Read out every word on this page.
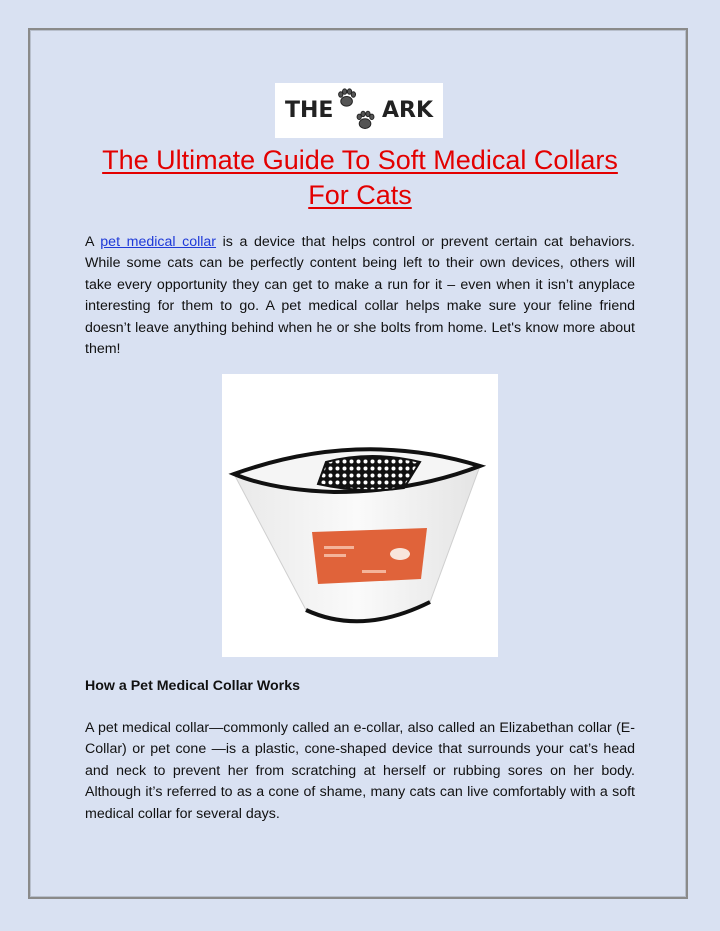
THE ARK
The Ultimate Guide To Soft Medical Collars For Cats

A pet medical collar is a device that helps control or prevent certain cat behaviors. While some cats can be perfectly content being left to their own devices, others will take every opportunity they can get to make a run for it – even when it isn’t anyplace interesting for them to go. A pet medical collar helps make sure your feline friend doesn’t leave anything behind when he or she bolts from home. Let's know more about them!

How a Pet Medical Collar Works

A pet medical collar—commonly called an e-collar, also called an Elizabethan collar (E-Collar) or pet cone —is a plastic, cone-shaped device that surrounds your cat’s head and neck to prevent her from scratching at herself or rubbing sores on her body. Although it’s referred to as a cone of shame, many cats can live comfortably with a soft medical collar for several days.
